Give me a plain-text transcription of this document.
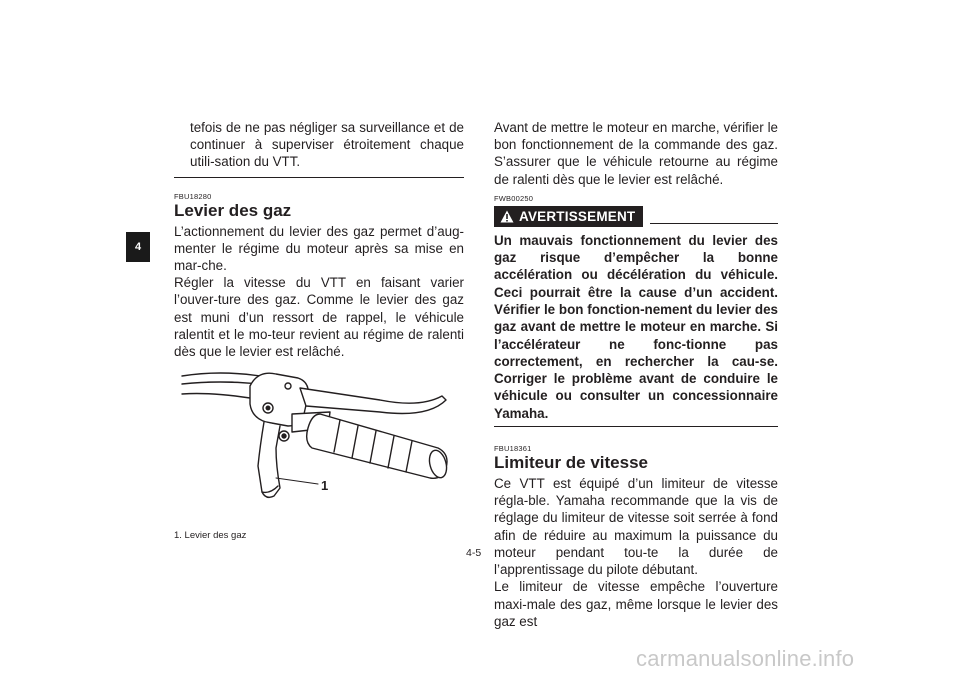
4

tefois de ne pas négliger sa surveillance et de continuer à superviser étroitement chaque utili-sation du VTT.

FBU18280
Levier des gaz

L’actionnement du levier des gaz permet d’aug-menter le régime du moteur après sa mise en mar-che.

Régler la vitesse du VTT en faisant varier l’ouver-ture des gaz. Comme le levier des gaz est muni d’un ressort de rappel, le véhicule ralentit et le mo-teur revient au régime de ralenti dès que le levier est relâché.

1
1. Levier des gaz

Avant de mettre le moteur en marche, vérifier le bon fonctionnement de la commande des gaz. S’assurer que le véhicule retourne au régime de ralenti dès que le levier est relâché.

FWB00250
AVERTISSEMENT
Un mauvais fonctionnement du levier des gaz risque d’empêcher la bonne accélération ou décélération du véhicule. Ceci pourrait être la cause d’un accident. Vérifier le bon fonction-nement du levier des gaz avant de mettre le moteur en marche. Si l’accélérateur ne fonc-tionne pas correctement, en rechercher la cau-se. Corriger le problème avant de conduire le véhicule ou consulter un concessionnaire Yamaha.
FBU18361
Limiteur de vitesse

Ce VTT est équipé d’un limiteur de vitesse régla-ble. Yamaha recommande que la vis de réglage du limiteur de vitesse soit serrée à fond afin de réduire au maximum la puissance du moteur pendant tou-te la durée de l’apprentissage du pilote débutant.

Le limiteur de vitesse empêche l’ouverture maxi-male des gaz, même lorsque le levier des gaz est

4-5
carmanualsonline.info
